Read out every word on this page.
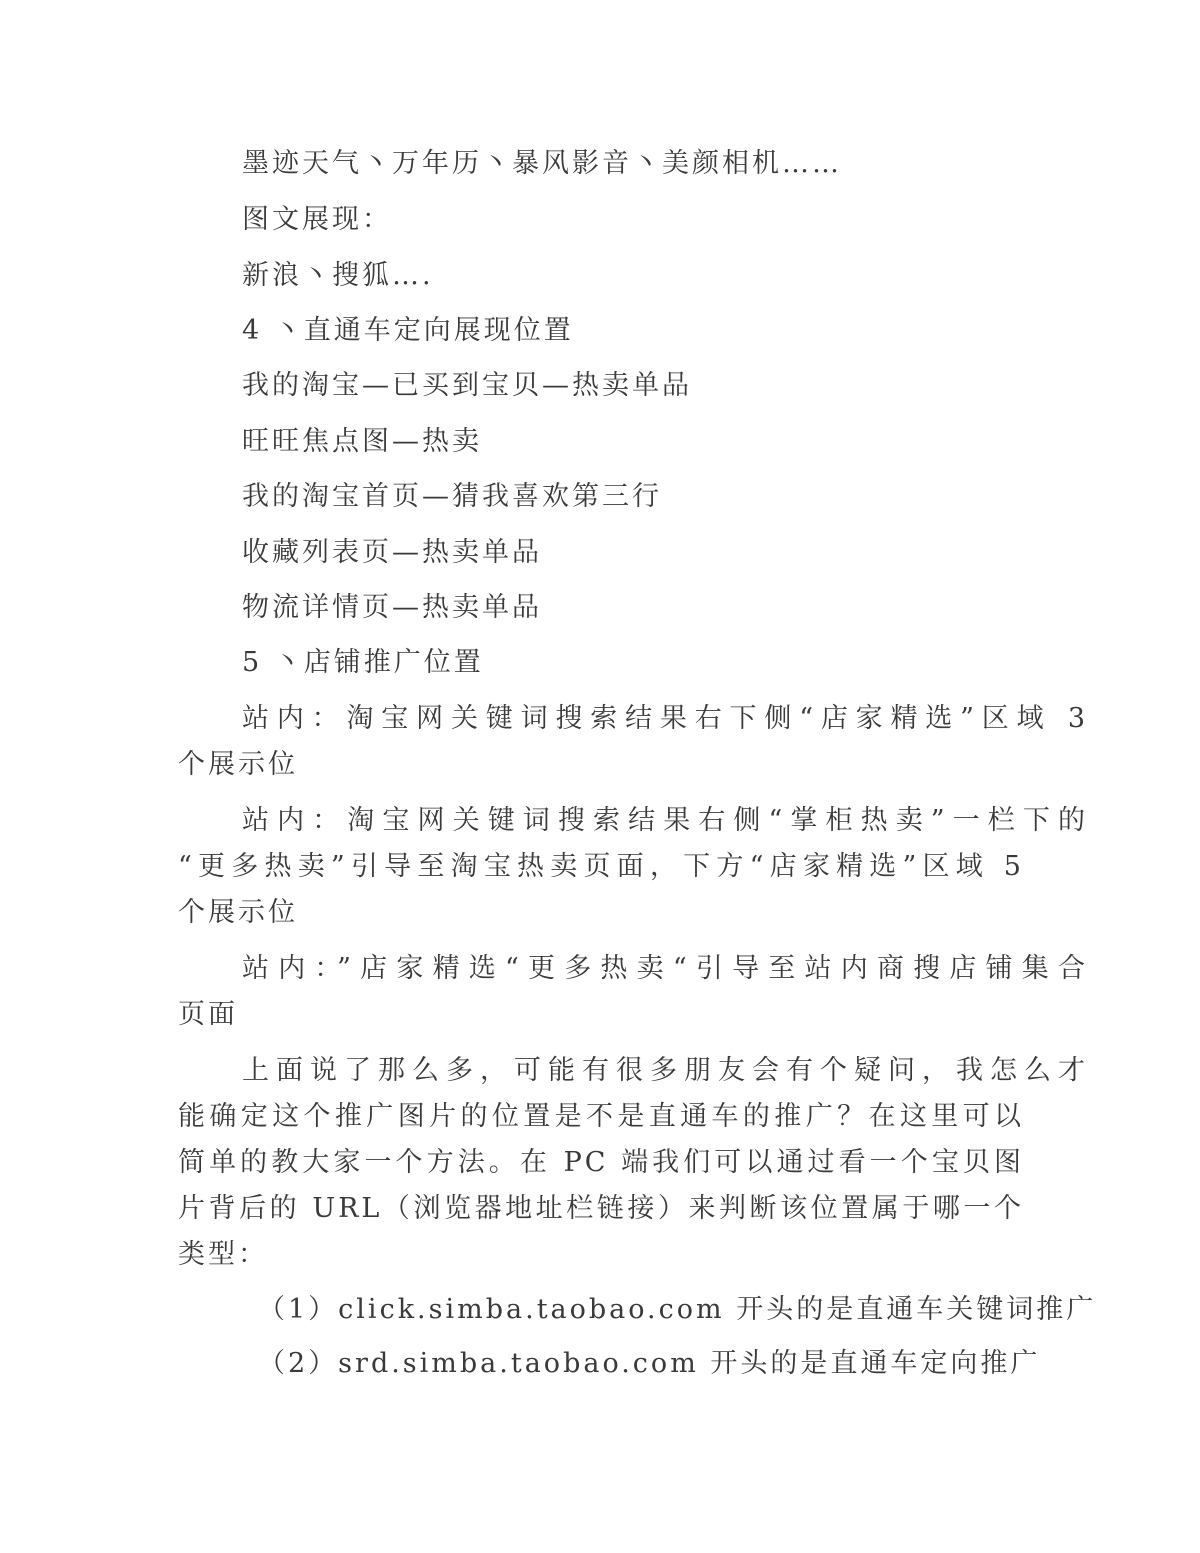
墨迹天气丶万年历丶暴风影音丶美颜相机……
图文展现：
新浪丶搜狐….
4 丶直通车定向展现位置
我的淘宝—已买到宝贝—热卖单品
旺旺焦点图—热卖
我的淘宝首页—猜我喜欢第三行
收藏列表页—热卖单品
物流详情页—热卖单品
5 丶店铺推广位置
站内：淘宝网关键词搜索结果右下侧“店家精选”区域 3
个展示位
站内：淘宝网关键词搜索结果右侧“掌柜热卖”一栏下的
“更多热卖”引导至淘宝热卖页面，下方“店家精选”区域 5
个展示位
站内：”店家精选“更多热卖“引导至站内商搜店铺集合
页面
上面说了那么多，可能有很多朋友会有个疑问，我怎么才
能确定这个推广图片的位置是不是直通车的推广？在这里可以
简单的教大家一个方法。在 PC 端我们可以通过看一个宝贝图
片背后的 URL（浏览器地址栏链接）来判断该位置属于哪一个
类型：
（1）click.simba.taobao.com 开头的是直通车关键词推广
（2）srd.simba.taobao.com 开头的是直通车定向推广
